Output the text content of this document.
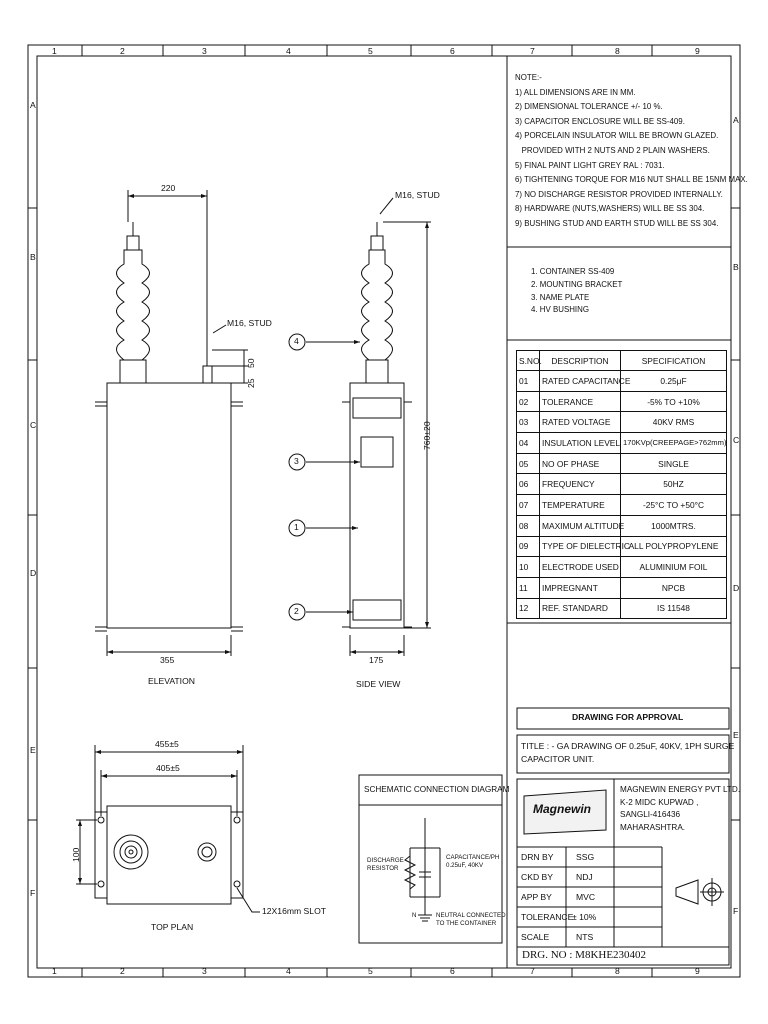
1	2	3	4	5	6	7	8	9
1	2	3	4	5	6	7	8	9
A
B
C
D
E
F
A
B
C
D
E
F
NOTE:-
1) ALL DIMENSIONS ARE IN MM.
2) DIMENSIONAL TOLERANCE +/- 10 %.
3) CAPACITOR ENCLOSURE WILL BE SS-409.
4) PORCELAIN INSULATOR WILL BE BROWN GLAZED.
PROVIDED WITH 2 NUTS AND 2 PLAIN WASHERS.
5) FINAL PAINT LIGHT GREY RAL : 7031.
6) TIGHTENING TORQUE FOR M16 NUT SHALL BE 15NM MAX.
7) NO DISCHARGE RESISTOR PROVIDED INTERNALLY.
8) HARDWARE (NUTS,WASHERS) WILL BE SS 304.
9) BUSHING STUD AND EARTH STUD WILL BE SS 304.
1. CONTAINER SS-409
2. MOUNTING BRACKET
3. NAME PLATE
4. HV BUSHING
S.NO.	DESCRIPTION	SPECIFICATION
01	RATED CAPACITANCE	0.25μF
02	TOLERANCE	-5% TO +10%
03	RATED VOLTAGE	40KV RMS
04	INSULATION LEVEL	170KVp(CREEPAGE>762mm)
05	NO OF PHASE	SINGLE
06	FREQUENCY	50HZ
07	TEMPERATURE	-25°C TO +50°C
08	MAXIMUM ALTITUDE	1000MTRS.
09	TYPE OF DIELECTRIC	ALL POLYPROPYLENE
10	ELECTRODE USED	ALUMINIUM FOIL
11	IMPREGNANT	NPCB
12	REF. STANDARD	IS 11548
220
M16, STUD
25
50
355
ELEVATION
M16, STUD
760±20
175
SIDE VIEW
4
3
1
2
455±5
405±5
100
12X16mm SLOT
TOP PLAN
SCHEMATIC CONNECTION DIAGRAM
DISCHARGE
RESISTOR
CAPACITANCE/PH
0.25uF, 40KV
N	NEUTRAL CONNECTED
TO THE CONTAINER
DRAWING FOR APPROVAL
TITLE : - GA DRAWING OF 0.25uF, 40KV, 1PH SURGE
CAPACITOR UNIT.
Magnewin
MAGNEWIN ENERGY PVT LTD.
K-2 MIDC KUPWAD ,
SANGLI-416436
MAHARASHTRA.
DRN BY	SSG
CKD BY	NDJ
APP BY	MVC
TOLERANCE
± 10%
SCALE	NTS
DRG. NO : M8KHE230402
